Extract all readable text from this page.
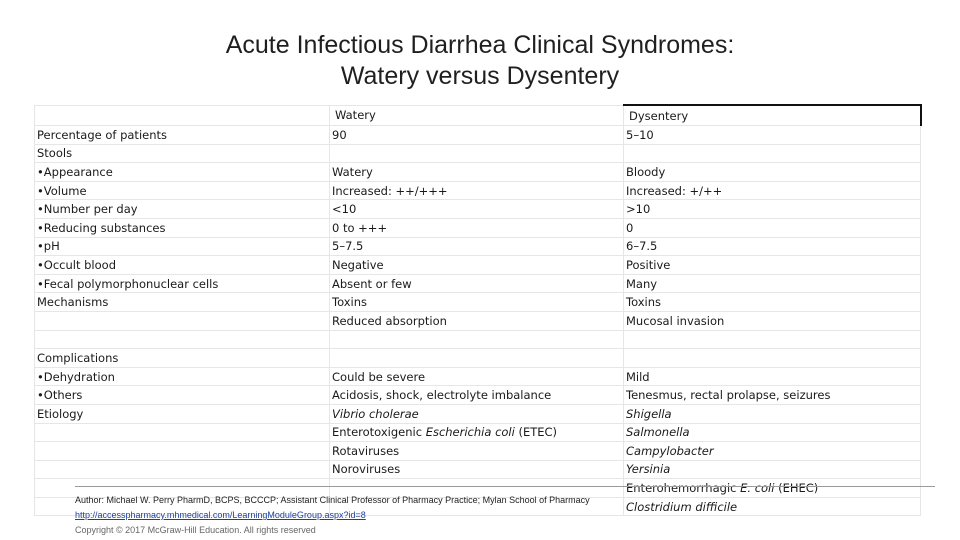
Acute Infectious Diarrhea Clinical Syndromes:
Watery versus Dysentery
	Watery	Dysentery
Percentage of patients	90	5–10
Stools		
•Appearance	Watery	Bloody
•Volume	Increased: ++/+++	Increased: +/++
•Number per day	<10	>10
•Reducing substances	0 to +++	0
•pH	5–7.5	6–7.5
•Occult blood	Negative	Positive
•Fecal polymorphonuclear cells	Absent or few	Many
Mechanisms	Toxins	Toxins
	Reduced absorption	Mucosal invasion

Complications		
•Dehydration	Could be severe	Mild
•Others	Acidosis, shock, electrolyte imbalance	Tenesmus, rectal prolapse, seizures
Etiology	Vibrio cholerae	Shigella
	Enterotoxigenic Escherichia coli (ETEC)	Salmonella
	Rotaviruses	Campylobacter
	Noroviruses	Yersinia
		Enterohemorrhagic E. coli (EHEC)
		Clostridium difficile
Author: Michael W. Perry PharmD, BCPS, BCCCP; Assistant Clinical Professor of Pharmacy Practice; Mylan School of Pharmacy
http://accesspharmacy.mhmedical.com/LearningModuleGroup.aspx?id=8
Copyright © 2017 McGraw-Hill Education. All rights reserved
